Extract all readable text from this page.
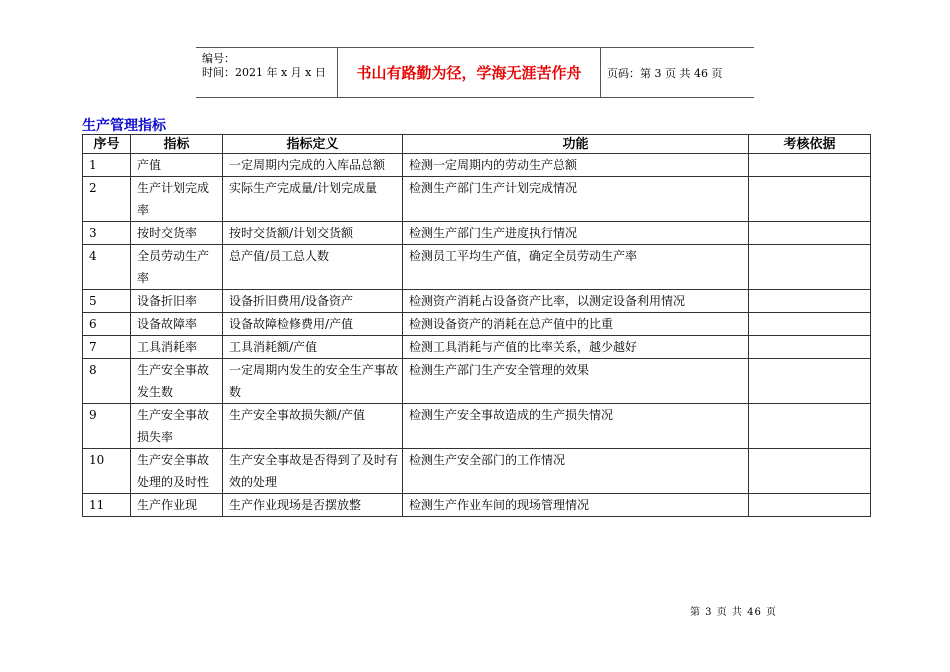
编号：
时间：2021 年 x 月 x 日	书山有路勤为径，学海无涯苦作舟	页码：第 3 页 共 46 页
生产管理指标
序号	指标	指标定义	功能	考核依据
1	产值	一定周期内完成的入库品总额	检测一定周期内的劳动生产总额	
2	生产计划完成率	实际生产完成量/计划完成量	检测生产部门生产计划完成情况	
3	按时交货率	按时交货额/计划交货额	检测生产部门生产进度执行情况	
4	全员劳动生产率	总产值/员工总人数	检测员工平均生产值，确定全员劳动生产率	
5	设备折旧率	设备折旧费用/设备资产	检测资产消耗占设备资产比率，以测定设备利用情况	
6	设备故障率	设备故障检修费用/产值	检测设备资产的消耗在总产值中的比重	
7	工具消耗率	工具消耗额/产值	检测工具消耗与产值的比率关系，越少越好	
8	生产安全事故发生数	一定周期内发生的安全生产事故数	检测生产部门生产安全管理的效果	
9	生产安全事故损失率	生产安全事故损失额/产值	检测生产安全事故造成的生产损失情况	
10	生产安全事故处理的及时性	生产安全事故是否得到了及时有效的处理	检测生产安全部门的工作情况	
11	生产作业现	生产作业现场是否摆放整	检测生产作业车间的现场管理情况	
第 3 页 共 46 页
